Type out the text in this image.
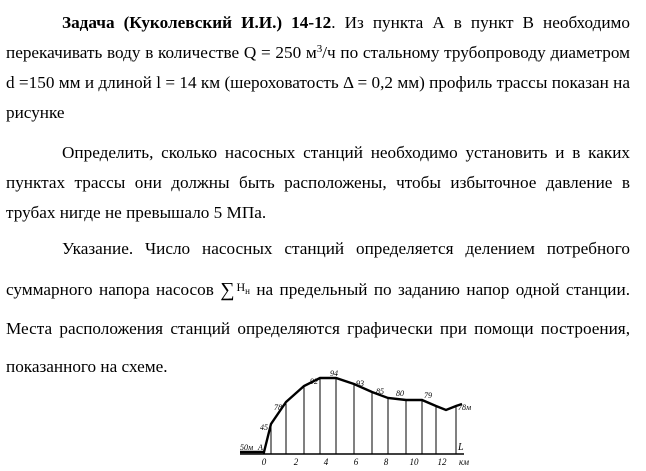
Задача (Куколевский И.И.) 14-12. Из пункта А в пункт В необходимо перекачивать воду в количестве Q = 250 $м^3/ч$ по стальному трубопроводу диаметром d =150 мм и длиной l = 14 км (шероховатость Δ = 0,2 мм) профиль трассы показан на рисунке

Определить, сколько насосных станций необходимо установить и в каких пунктах трассы они должны быть расположены, чтобы избыточное давление в трубах нигде не превышало 5 МПа.

Указание. Число насосных станций определяется делением потребного суммарного напора насосов ∑ $^{H_н}$ на предельный по заданию напор одной станции. Места расположения станций определяются графически при помощи построения, показанного на схеме.

50м A
45
78
92
94
93
85 80	79
78м
0	2	4	6	8 10 12 км
L
